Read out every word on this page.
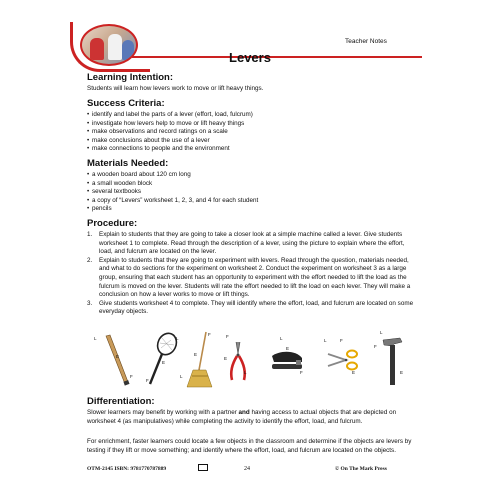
Teacher Notes
Levers
Learning Intention:
Students will learn how levers work to move or lift heavy things.
Success Criteria:
• identify and label the parts of a lever (effort, load, fulcrum)
• investigate how levers help to move or lift heavy things
• make observations and record ratings on a scale
• make conclusions about the use of a lever
• make connections to people and the environment
Materials Needed:
• a wooden board about 120 cm long
• a small wooden block
• several textbooks
• a copy of “Levers” worksheet 1, 2, 3, and 4 for each student
• pencils
Procedure:
1. Explain to students that they are going to take a closer look at a simple machine called a lever. Give students worksheet 1 to complete. Read through the description of a lever, using the picture to explain where the effort, load, and fulcrum are located on the lever.
2. Explain to students that they are going to experiment with levers. Read through the question, materials needed, and what to do sections for the experiment on worksheet 2. Conduct the experiment on worksheet 3 as a large group, ensuring that each student has an opportunity to experiment with the effort needed to lift the load as the fulcrum is moved on the lever. Students will rate the effort needed to lift the load on each lever. They will make a conclusion on how a lever works to move or lift things.
3. Give students worksheet 4 to complete. They will identify where the effort, load, and fulcrum are located on some everyday objects.
L
E
F
L
E
F
F
E
L
F
E
L
L
E
F
L	F
E
L
F
E
Differentiation:
Slower learners may benefit by working with a partner and having access to actual objects that are depicted on worksheet 4 (as manipulatives) while completing the activity to identify the effort, load, and fulcrum.
For enrichment, faster learners could locate a few objects in the classroom and determine if the objects are levers by testing if they lift or move something; and identify where the effort, load, and fulcrum are located on the objects.
OTM-2145 ISBN: 9781770787889	24	© On The Mark Press
